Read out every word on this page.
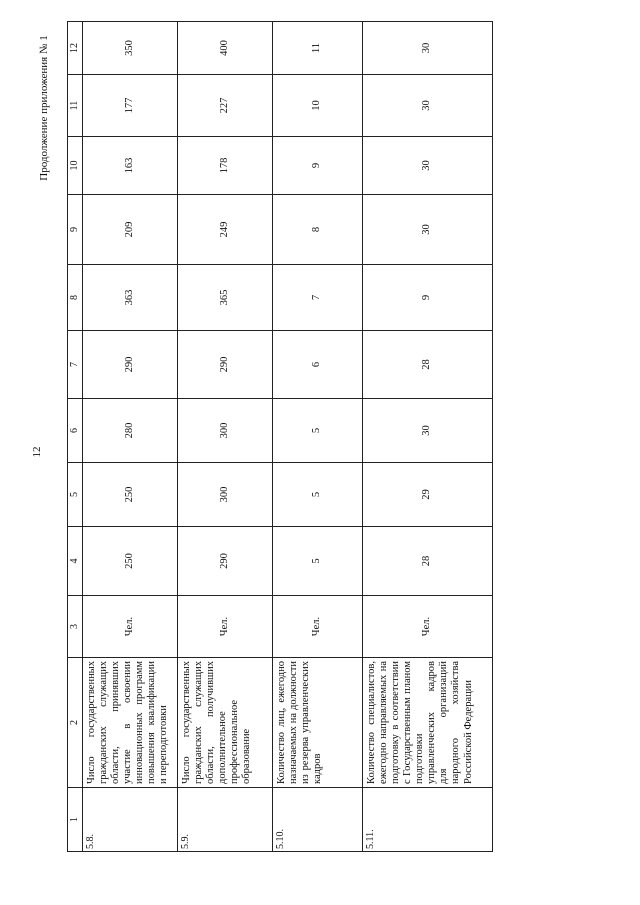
12
Продолжение приложения № 1
1	2	3	4	5	6	7	8	9	10	11	12
5.8.	Число государственных гражданских служащих области, принявших участие в освоении инновационных программ повышения квалификации и переподготовки	Чел.	250	250	280	290	363	209	163	177	350
5.9.	Число государственных гражданских служащих области, получивших дополнительное профессиональное образование	Чел.	290	300	300	290	365	249	178	227	400
5.10.	Количество лиц, ежегодно назначаемых на должности из резерва управленческих кадров	Чел.	5	5	5	6	7	8	9	10	11
5.11.	Количество специалистов, ежегодно направляемых на подготовку в соответствии с Государственным планом подготовки управленческих кадров для организаций народного хозяйства Российской Федерации	Чел.	28	29	30	28	9	30	30	30	30
